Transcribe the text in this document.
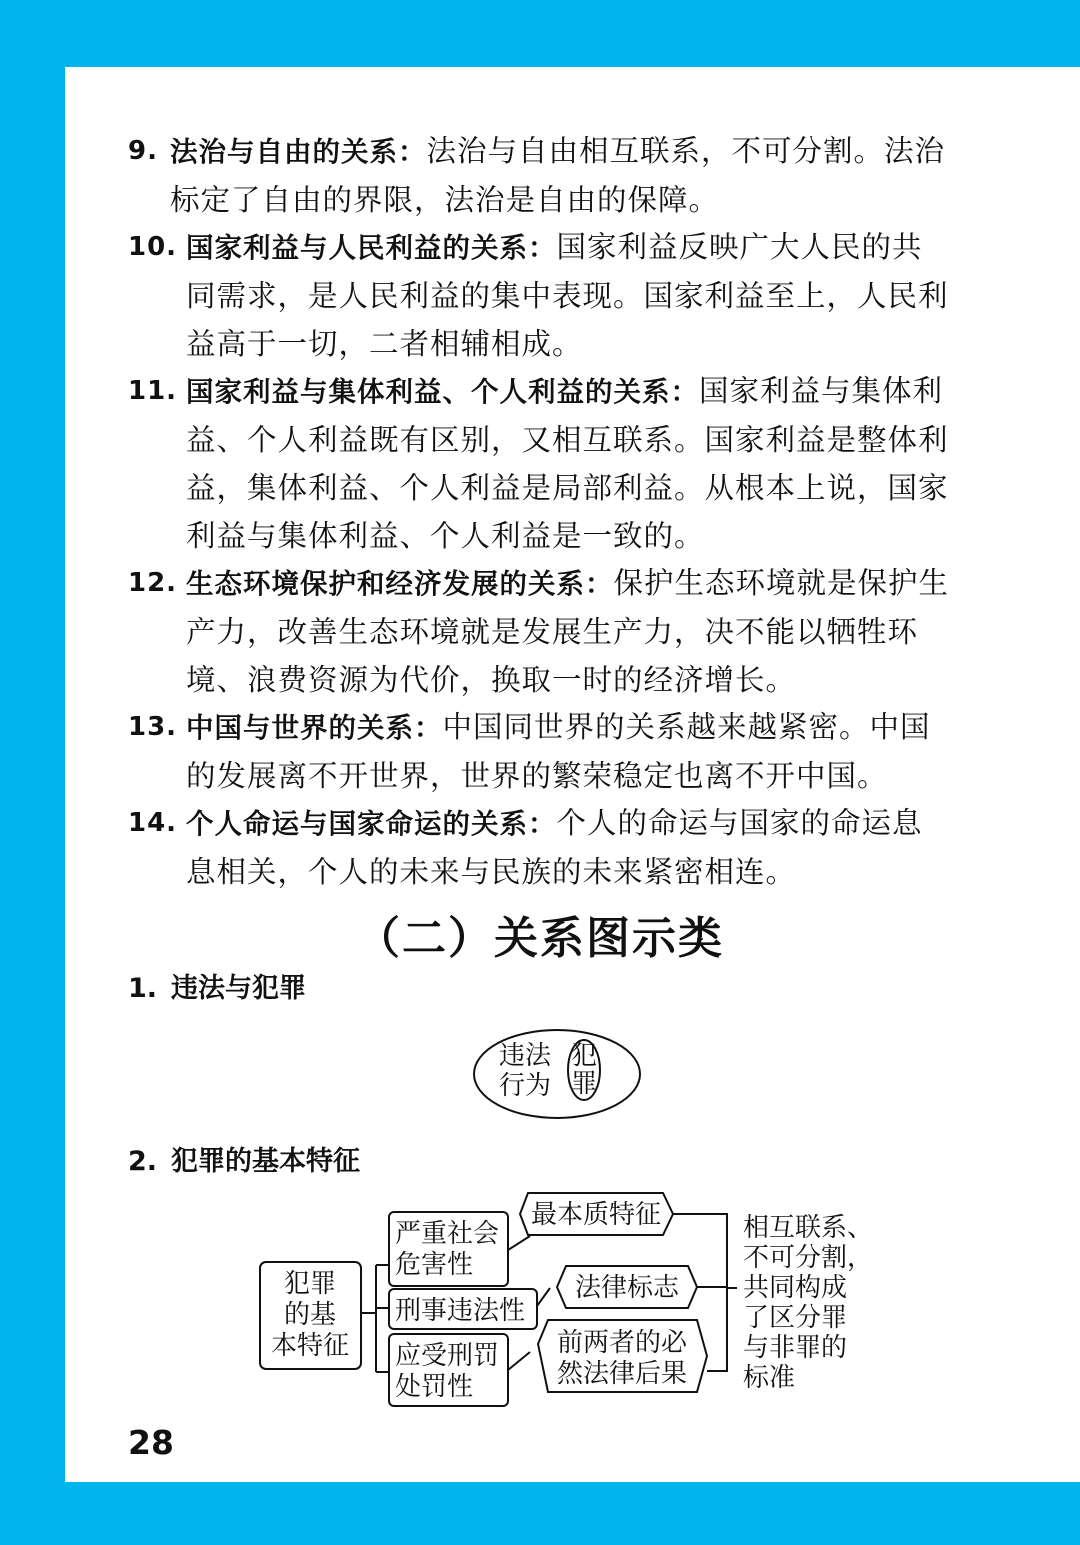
9. 法治与自由的关系：法治与自由相互联系，不可分割。法治标定了自由的界限，法治是自由的保障。
10. 国家利益与人民利益的关系：国家利益反映广大人民的共同需求，是人民利益的集中表现。国家利益至上，人民利益高于一切，二者相辅相成。
11. 国家利益与集体利益、个人利益的关系：国家利益与集体利益、个人利益既有区别，又相互联系。国家利益是整体利益，集体利益、个人利益是局部利益。从根本上说，国家利益与集体利益、个人利益是一致的。
12. 生态环境保护和经济发展的关系：保护生态环境就是保护生产力，改善生态环境就是发展生产力，决不能以牺牲环境、浪费资源为代价，换取一时的经济增长。
13. 中国与世界的关系：中国同世界的关系越来越紧密。中国的发展离不开世界，世界的繁荣稳定也离不开中国。
14. 个人命运与国家命运的关系：个人的命运与国家的命运息息相关，个人的未来与民族的未来紧密相连。
（二）关系图示类
1. 违法与犯罪
违法
行为
犯
罪
2. 犯罪的基本特征
犯罪
的基
本特征
严重社会
危害性
刑事违法性
应受刑罚
处罚性
最本质特征
法律标志
前两者的必
然法律后果
相互联系、
不可分割，
共同构成
了区分罪
与非罪的
标准
28
